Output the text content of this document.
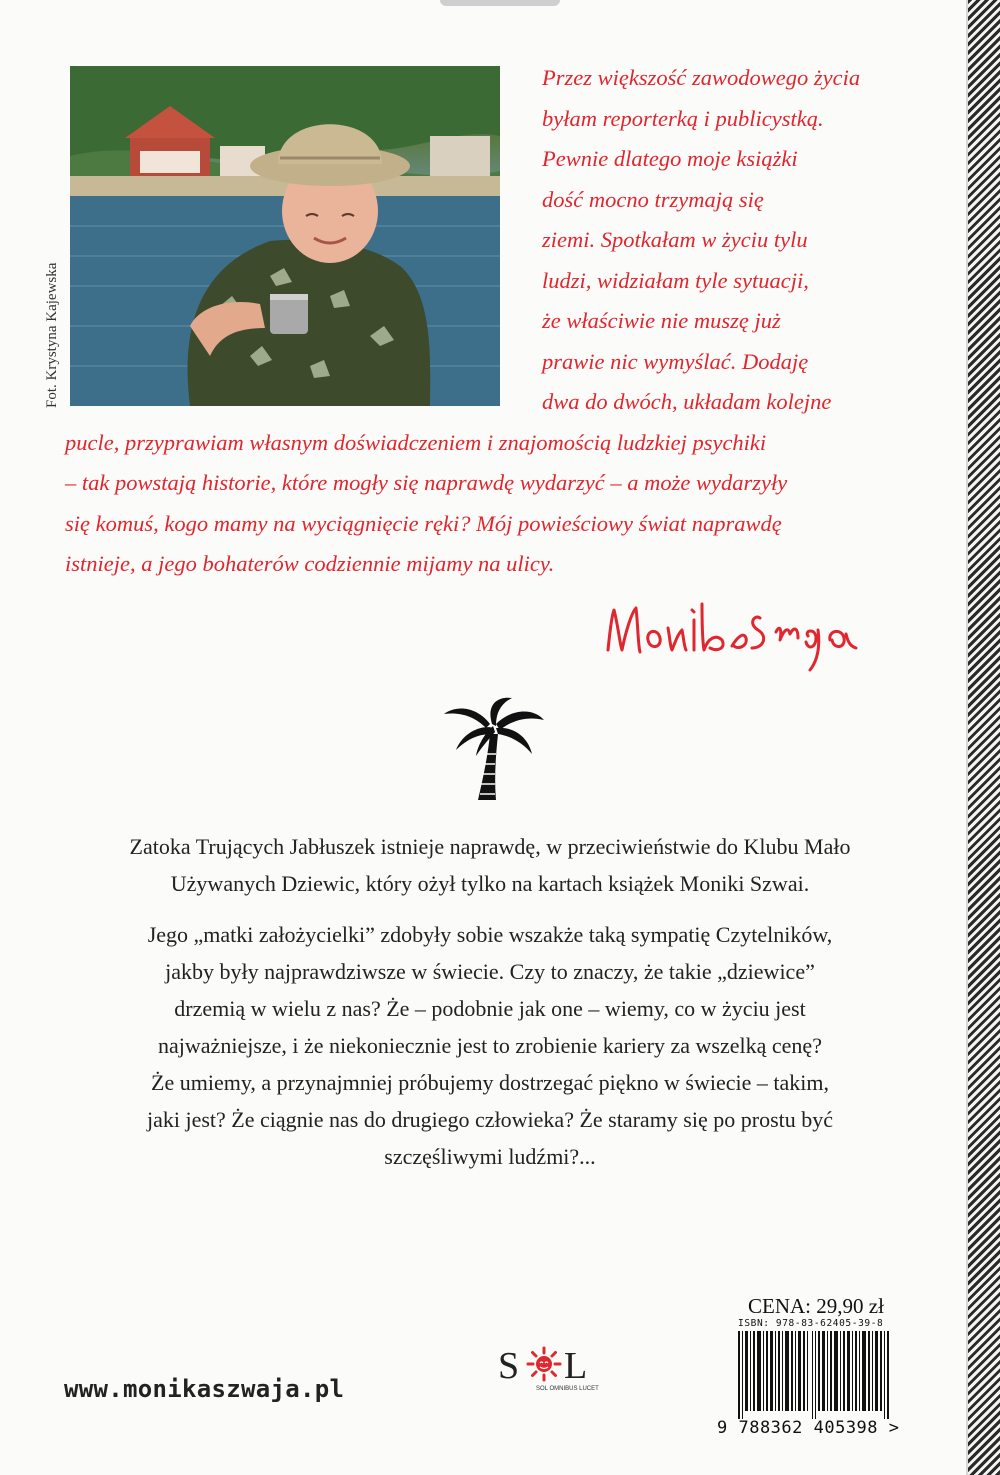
Fot. Krystyna Kajewska
Przez większość zawodowego życia
byłam reporterką i publicystką.
Pewnie dlatego moje książki
dość mocno trzymają się
ziemi. Spotkałam w życiu tylu
ludzi, widziałam tyle sytuacji,
że właściwie nie muszę już
prawie nic wymyślać. Dodaję
dwa do dwóch, układam kolejne
pucle, przyprawiam własnym doświadczeniem i znajomością ludzkiej psychiki
– tak powstają historie, które mogły się naprawdę wydarzyć – a może wydarzyły
się komuś, kogo mamy na wyciągnięcie ręki? Mój powieściowy świat naprawdę
istnieje, a jego bohaterów codziennie mijamy na ulicy.
Zatoka Trujących Jabłuszek istnieje naprawdę, w przeciwieństwie do Klubu Mało
Używanych Dziewic, który ożył tylko na kartach książek Moniki Szwai.
Jego „matki założycielki” zdobyły sobie wszakże taką sympatię Czytelników,
jakby były najprawdziwsze w świecie. Czy to znaczy, że takie „dziewice”
drzemią w wielu z nas? Że – podobnie jak one – wiemy, co w życiu jest
najważniejsze, i że niekoniecznie jest to zrobienie kariery za wszelką cenę?
Że umiemy, a przynajmniej próbujemy dostrzegać piękno w świecie – takim,
jaki jest? Że ciągnie nas do drugiego człowieka? Że staramy się po prostu być
szczęśliwymi ludźmi?...
CENA: 29,90 zł
ISBN: 978-83-62405-39-8
9 788362 405398 >
www.monikaszwaja.pl
S L
SOL OMNIBUS LUCET
